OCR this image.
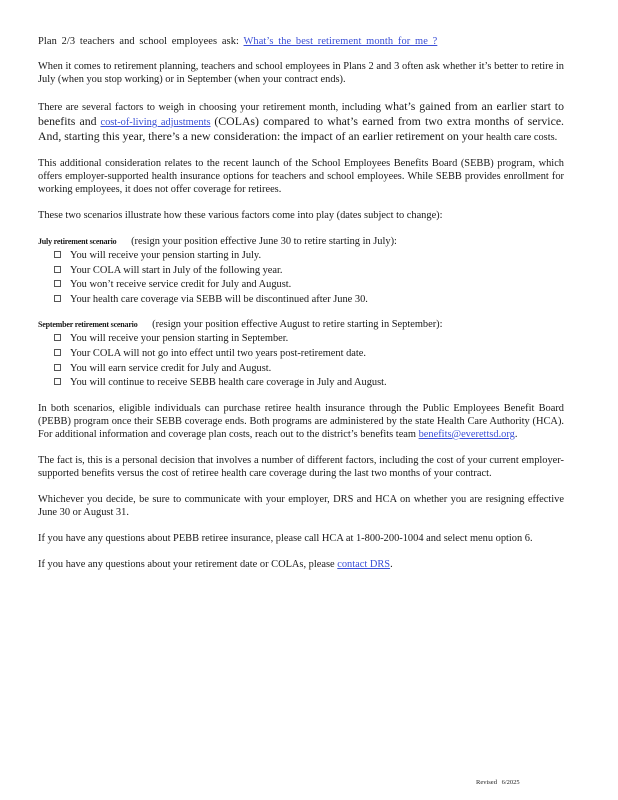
Plan 2/3 teachers and school employees ask: What’s the best retirement month for me ?

When it comes to retirement planning, teachers and school employees in Plans 2 and 3 often ask whether it’s better to retire in July (when you stop working) or in September (when your contract ends).

There are several factors to weigh in choosing your retirement month, including what’s gained from an earlier start to benefits and cost-of-living adjustments (COLAs) compared to what’s earned from two extra months of service. And, starting this year, there’s a new consideration: the impact of an earlier retirement on your health care costs.

This additional consideration relates to the recent launch of the School Employees Benefits Board (SEBB) program, which offers employer-supported health insurance options for teachers and school employees. While SEBB provides enrollment for working employees, it does not offer coverage for retirees.

These two scenarios illustrate how these various factors come into play (dates subject to change):

July retirement scenario (resign your position effective June 30 to retire starting in July):
You will receive your pension starting in July.
Your COLA will start in July of the following year.
You won’t receive service credit for July and August.
Your health care coverage via SEBB will be discontinued after June 30.
September retirement scenario (resign your position effective August to retire starting in September):
You will receive your pension starting in September.
Your COLA will not go into effect until two years post-retirement date.
You will earn service credit for July and August.
You will continue to receive SEBB health care coverage in July and August.

In both scenarios, eligible individuals can purchase retiree health insurance through the Public Employees Benefit Board (PEBB) program once their SEBB coverage ends. Both programs are administered by the state Health Care Authority (HCA). For additional information and coverage plan costs, reach out to the district’s benefits team benefits@everettsd.org.

The fact is, this is a personal decision that involves a number of different factors, including the cost of your current employer-supported benefits versus the cost of retiree health care coverage during the last two months of your contract.

Whichever you decide, be sure to communicate with your employer, DRS and HCA on whether you are resigning effective June 30 or August 31.

If you have any questions about PEBB retiree insurance, please call HCA at 1-800-200-1004 and select menu option 6.

If you have any questions about your retirement date or COLAs, please contact DRS.

Revised 6/2025
